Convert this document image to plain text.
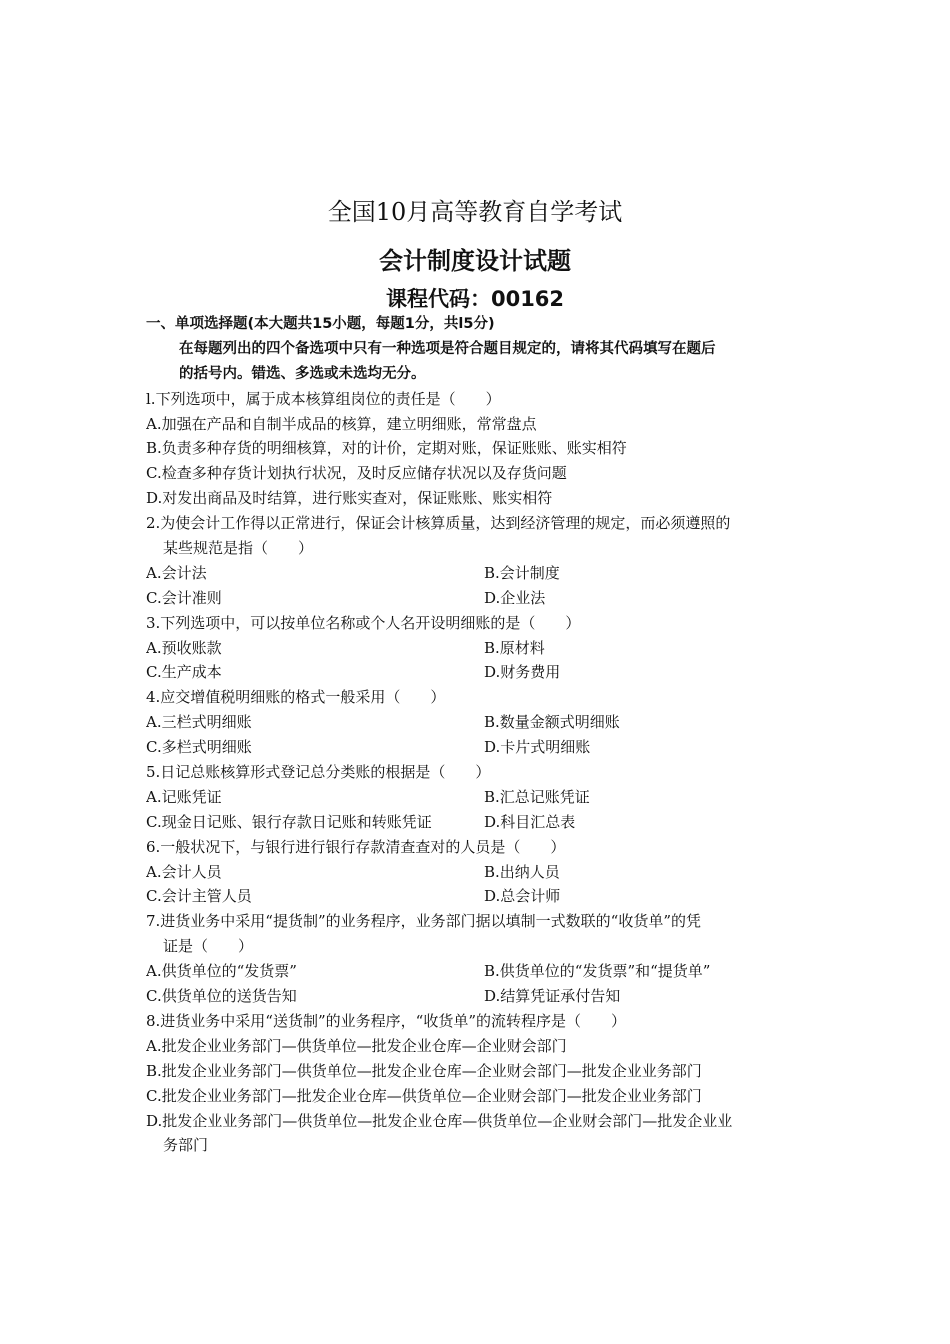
全国10月高等教育自学考试
会计制度设计试题
课程代码：00162
一、单项选择题(本大题共15小题，每题1分，共l5分)
在每题列出的四个备选项中只有一种选项是符合题目规定的，请将其代码填写在题后
的括号内。错选、多选或未选均无分。
l.下列选项中，属于成本核算组岗位的责任是（　　）
A.加强在产品和自制半成品的核算，建立明细账，常常盘点
B.负责多种存货的明细核算，对的计价，定期对账，保证账账、账实相符
C.检查多种存货计划执行状况，及时反应储存状况以及存货问题
D.对发出商品及时结算，进行账实查对，保证账账、账实相符
2.为使会计工作得以正常进行，保证会计核算质量，达到经济管理的规定，而必须遵照的
某些规范是指（　　）
A.会计法	B.会计制度
C.会计准则	D.企业法
3.下列选项中，可以按单位名称或个人名开设明细账的是（　　）
A.预收账款	B.原材料
C.生产成本	D.财务费用
4.应交增值税明细账的格式一般采用（　　）
A.三栏式明细账	B.数量金额式明细账
C.多栏式明细账	D.卡片式明细账
5.日记总账核算形式登记总分类账的根据是（　　）
A.记账凭证	B.汇总记账凭证
C.现金日记账、银行存款日记账和转账凭证	D.科目汇总表
6.一般状况下，与银行进行银行存款清查查对的人员是（　　）
A.会计人员	B.出纳人员
C.会计主管人员	D.总会计师
7.进货业务中采用“提货制”的业务程序，业务部门据以填制一式数联的“收货单”的凭
证是（　　）
A.供货单位的“发货票”	B.供货单位的“发货票”和“提货单”
C.供货单位的送货告知	D.结算凭证承付告知
8.进货业务中采用“送货制”的业务程序，“收货单”的流转程序是（　　）
A.批发企业业务部门—供货单位—批发企业仓库—企业财会部门
B.批发企业业务部门—供货单位—批发企业仓库—企业财会部门—批发企业业务部门
C.批发企业业务部门—批发企业仓库—供货单位—企业财会部门—批发企业业务部门
D.批发企业业务部门—供货单位—批发企业仓库—供货单位—企业财会部门—批发企业业
务部门
